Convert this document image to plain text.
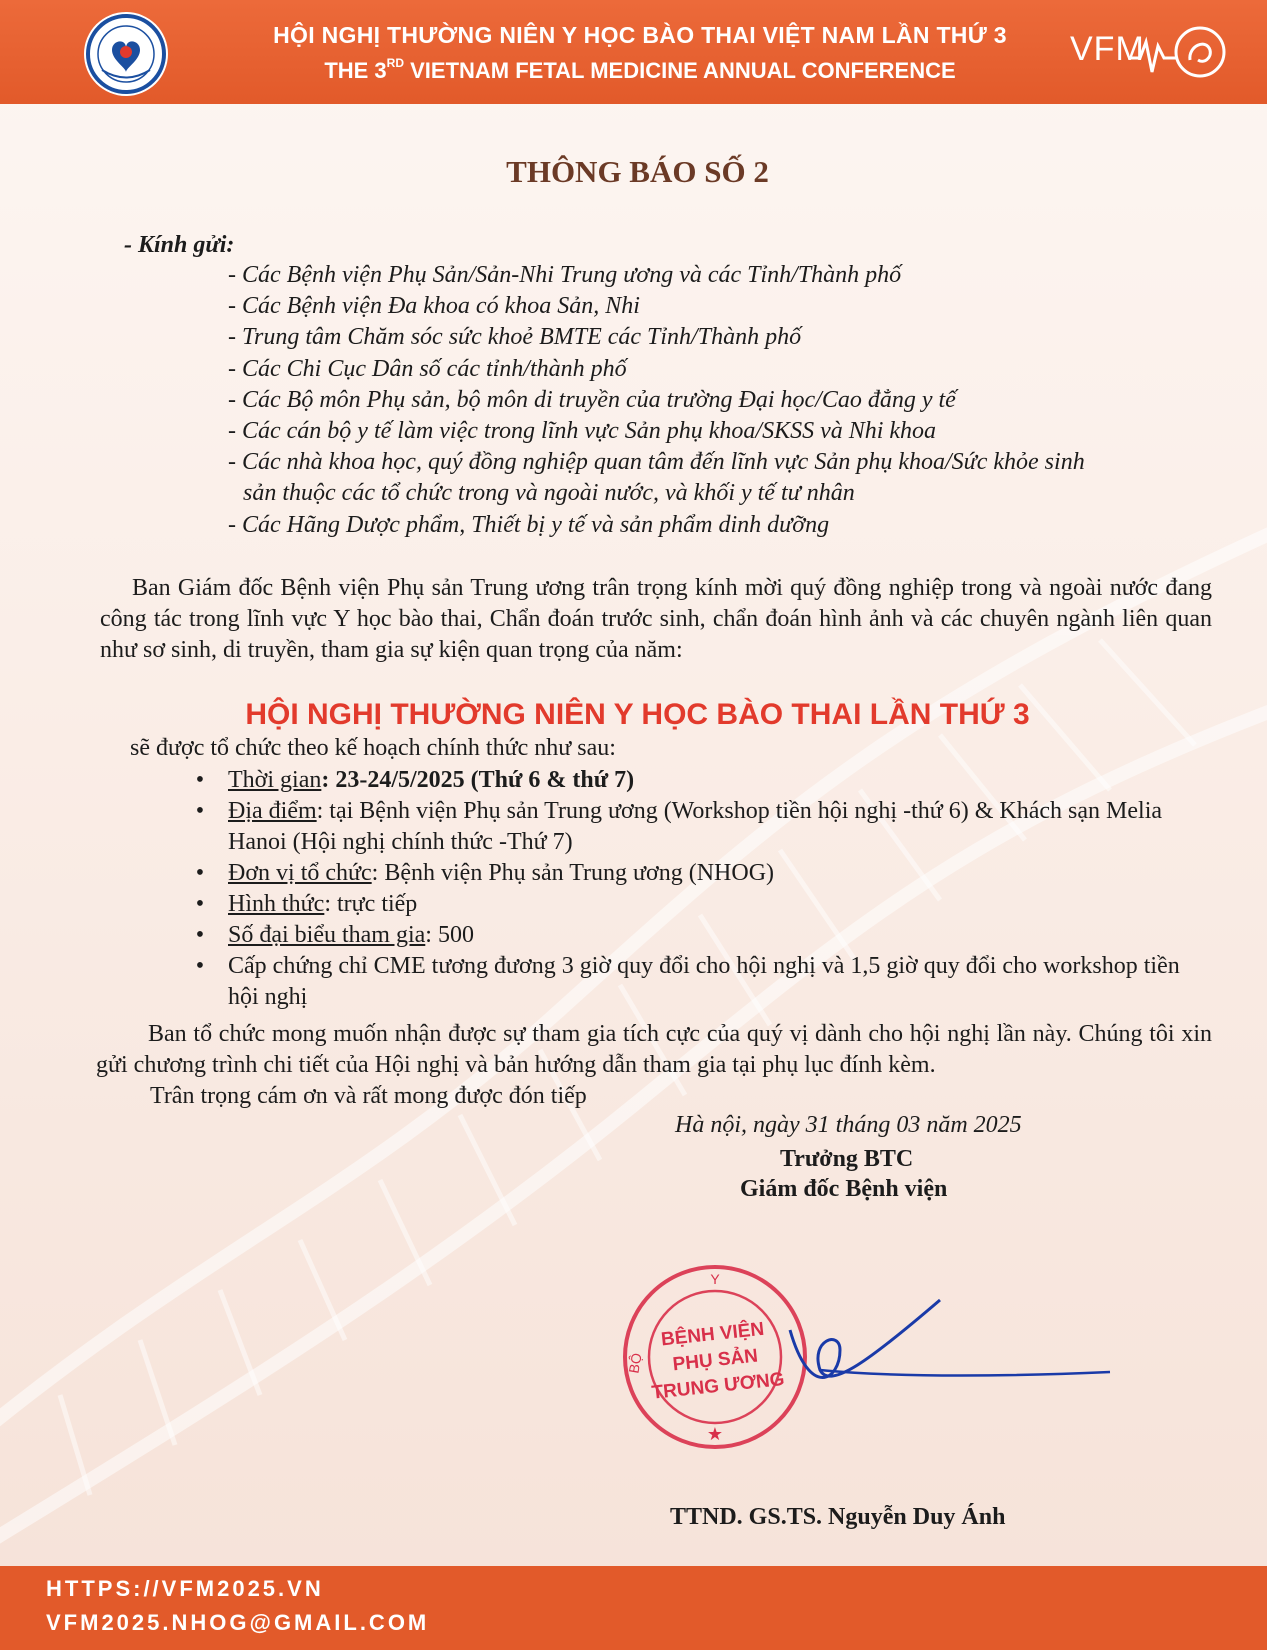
HỘI NGHỊ THƯỜNG NIÊN Y HỌC BÀO THAI VIỆT NAM LẦN THỨ 3
THE 3RD VIETNAM FETAL MEDICINE ANNUAL CONFERENCE
VFM
THÔNG BÁO SỐ 2
- Kính gửi:
- Các Bệnh viện Phụ Sản/Sản-Nhi Trung ương và các Tỉnh/Thành phố
- Các Bệnh viện Đa khoa có khoa Sản, Nhi
- Trung tâm Chăm sóc sức khoẻ BMTE các Tỉnh/Thành phố
- Các Chi Cục Dân số các tỉnh/thành phố
- Các Bộ môn Phụ sản, bộ môn di truyền của trường Đại học/Cao đẳng y tế
- Các cán bộ y tế làm việc trong lĩnh vực Sản phụ khoa/SKSS và Nhi khoa
- Các nhà khoa học, quý đồng nghiệp quan tâm đến lĩnh vực Sản phụ khoa/Sức khỏe sinh
sản thuộc các tổ chức trong và ngoài nước, và khối y tế tư nhân
- Các Hãng Dược phẩm, Thiết bị y tế và sản phẩm dinh dưỡng
Ban Giám đốc Bệnh viện Phụ sản Trung ương trân trọng kính mời quý đồng nghiệp trong và ngoài nước đang công tác trong lĩnh vực Y học bào thai, Chẩn đoán trước sinh, chẩn đoán hình ảnh và các chuyên ngành liên quan như sơ sinh, di truyền, tham gia sự kiện quan trọng của năm:
HỘI NGHỊ THƯỜNG NIÊN Y HỌC BÀO THAI LẦN THỨ 3
sẽ được tổ chức theo kế hoạch chính thức như sau:
• Thời gian: 23-24/5/2025 (Thứ 6 & thứ 7)
• Địa điểm: tại Bệnh viện Phụ sản Trung ương (Workshop tiền hội nghị -thứ 6) & Khách sạn Melia Hanoi (Hội nghị chính thức -Thứ 7)
• Đơn vị tổ chức: Bệnh viện Phụ sản Trung ương (NHOG)
• Hình thức: trực tiếp
• Số đại biểu tham gia: 500
• Cấp chứng chỉ CME tương đương 3 giờ quy đổi cho hội nghị và 1,5 giờ quy đổi cho workshop tiền hội nghị
Ban tổ chức mong muốn nhận được sự tham gia tích cực của quý vị dành cho hội nghị lần này. Chúng tôi xin gửi chương trình chi tiết của Hội nghị và bản hướng dẫn tham gia tại phụ lục đính kèm.
Trân trọng cám ơn và rất mong được đón tiếp
Hà nội, ngày 31 tháng 03 năm 2025
Trưởng BTC
Giám đốc Bệnh viện
Y
BỘ
BỆNH VIỆN
PHỤ SẢN
TRUNG ƯƠNG
★
TTND. GS.TS. Nguyễn Duy Ánh
HTTPS://VFM2025.VN
VFM2025.NHOG@GMAIL.COM
